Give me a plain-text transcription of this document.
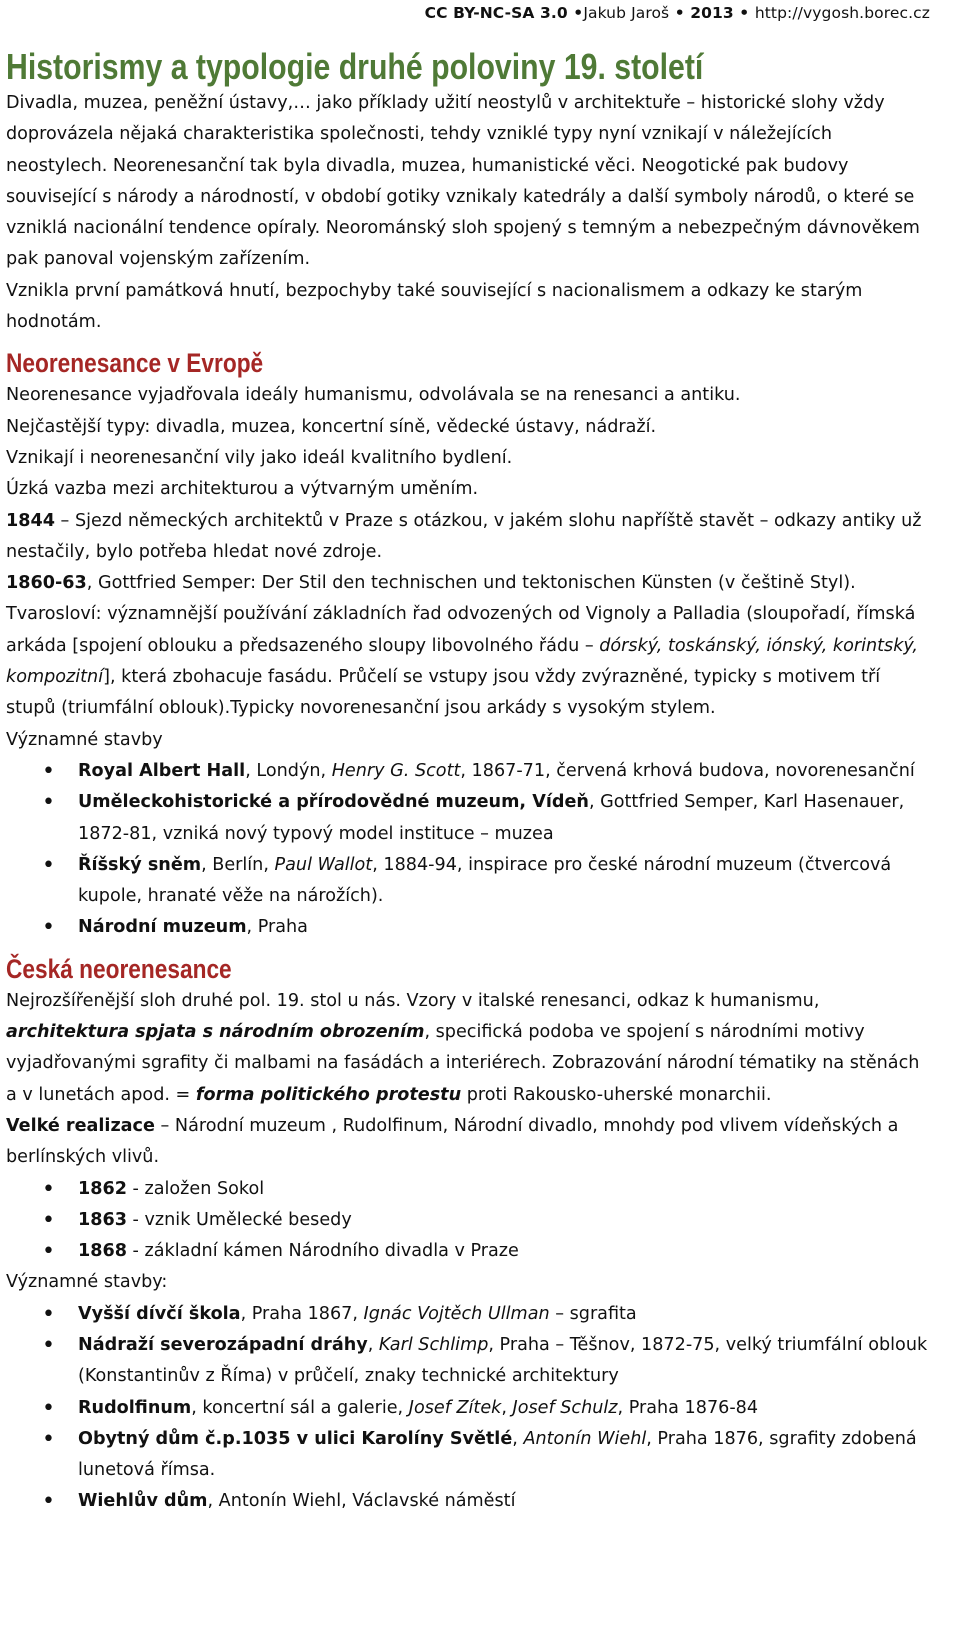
CC BY-NC-SA 3.0 •Jakub Jaroš • 2013 • http://vygosh.borec.cz
Historismy a typologie druhé poloviny 19. století

Divadla, muzea, peněžní ústavy,… jako příklady užití neostylů v architektuře – historické slohy vždy doprovázela nějaká charakteristika společnosti, tehdy vzniklé typy nyní vznikají v náležejících neostylech. Neorenesanční tak byla divadla, muzea, humanistické věci. Neogotické pak budovy související s národy a národností, v období gotiky vznikaly katedrály a další symboly národů, o které se vzniklá nacionální tendence opíraly. Neorománský sloh spojený s temným a nebezpečným dávnověkem pak panoval vojenským zařízením.

Vznikla první památková hnutí, bezpochyby také související s nacionalismem a odkazy ke starým hodnotám.

Neorenesance v Evropě

Neorenesance vyjadřovala ideály humanismu, odvolávala se na renesanci a antiku.

Nejčastější typy: divadla, muzea, koncertní síně, vědecké ústavy, nádraží.

Vznikají i neorenesanční vily jako ideál kvalitního bydlení.

Úzká vazba mezi architekturou a výtvarným uměním.

1844 – Sjezd německých architektů v Praze s otázkou, v jakém slohu napříště stavět – odkazy antiky už nestačily, bylo potřeba hledat nové zdroje.

1860-63, Gottfried Semper: Der Stil den technischen und tektonischen Künsten (v češtině Styl).

Tvarosloví: významnější používání základních řad odvozených od Vignoly a Palladia (sloupořadí, římská arkáda [spojení oblouku a předsazeného sloupy libovolného řádu – dórský, toskánský, iónský, korintský, kompozitní], která zbohacuje fasádu. Průčelí se vstupy jsou vždy zvýrazněné, typicky s motivem tří stupů (triumfální oblouk).Typicky novorenesanční jsou arkády s vysokým stylem.

Významné stavby

• Royal Albert Hall, Londýn, Henry G. Scott, 1867-71, červená krhová budova, novorenesanční
• Uměleckohistorické a přírodovědné muzeum, Vídeň, Gottfried Semper, Karl Hasenauer, 1872-81, vzniká nový typový model instituce – muzea
• Říšský sněm, Berlín, Paul Wallot, 1884-94, inspirace pro české národní muzeum (čtvercová kupole, hranaté věže na nárožích).
• Národní muzeum, Praha
Česká neorenesance

Nejrozšířenější sloh druhé pol. 19. stol u nás. Vzory v italské renesanci, odkaz k humanismu, architektura spjata s národním obrozením, specifická podoba ve spojení s národními motivy vyjadřovanými sgrafity či malbami na fasádách a interiérech. Zobrazování národní tématiky na stěnách a v lunetách apod. = forma politického protestu proti Rakousko-uherské monarchii.

Velké realizace – Národní muzeum , Rudolfinum, Národní divadlo, mnohdy pod vlivem vídeňských a berlínských vlivů.

• 1862 - založen Sokol
• 1863 - vznik Umělecké besedy
• 1868 - základní kámen Národního divadla v Praze

Významné stavby:

• Vyšší dívčí škola, Praha 1867, Ignác Vojtěch Ullman – sgrafita
• Nádraží severozápadní dráhy, Karl Schlimp, Praha – Těšnov, 1872-75, velký triumfální oblouk (Konstantinův z Říma) v průčelí, znaky technické architektury
• Rudolfinum, koncertní sál a galerie, Josef Zítek, Josef Schulz, Praha 1876-84
• Obytný dům č.p.1035 v ulici Karolíny Světlé, Antonín Wiehl, Praha 1876, sgrafity zdobená lunetová římsa.
• Wiehlův dům, Antonín Wiehl, Václavské náměstí
